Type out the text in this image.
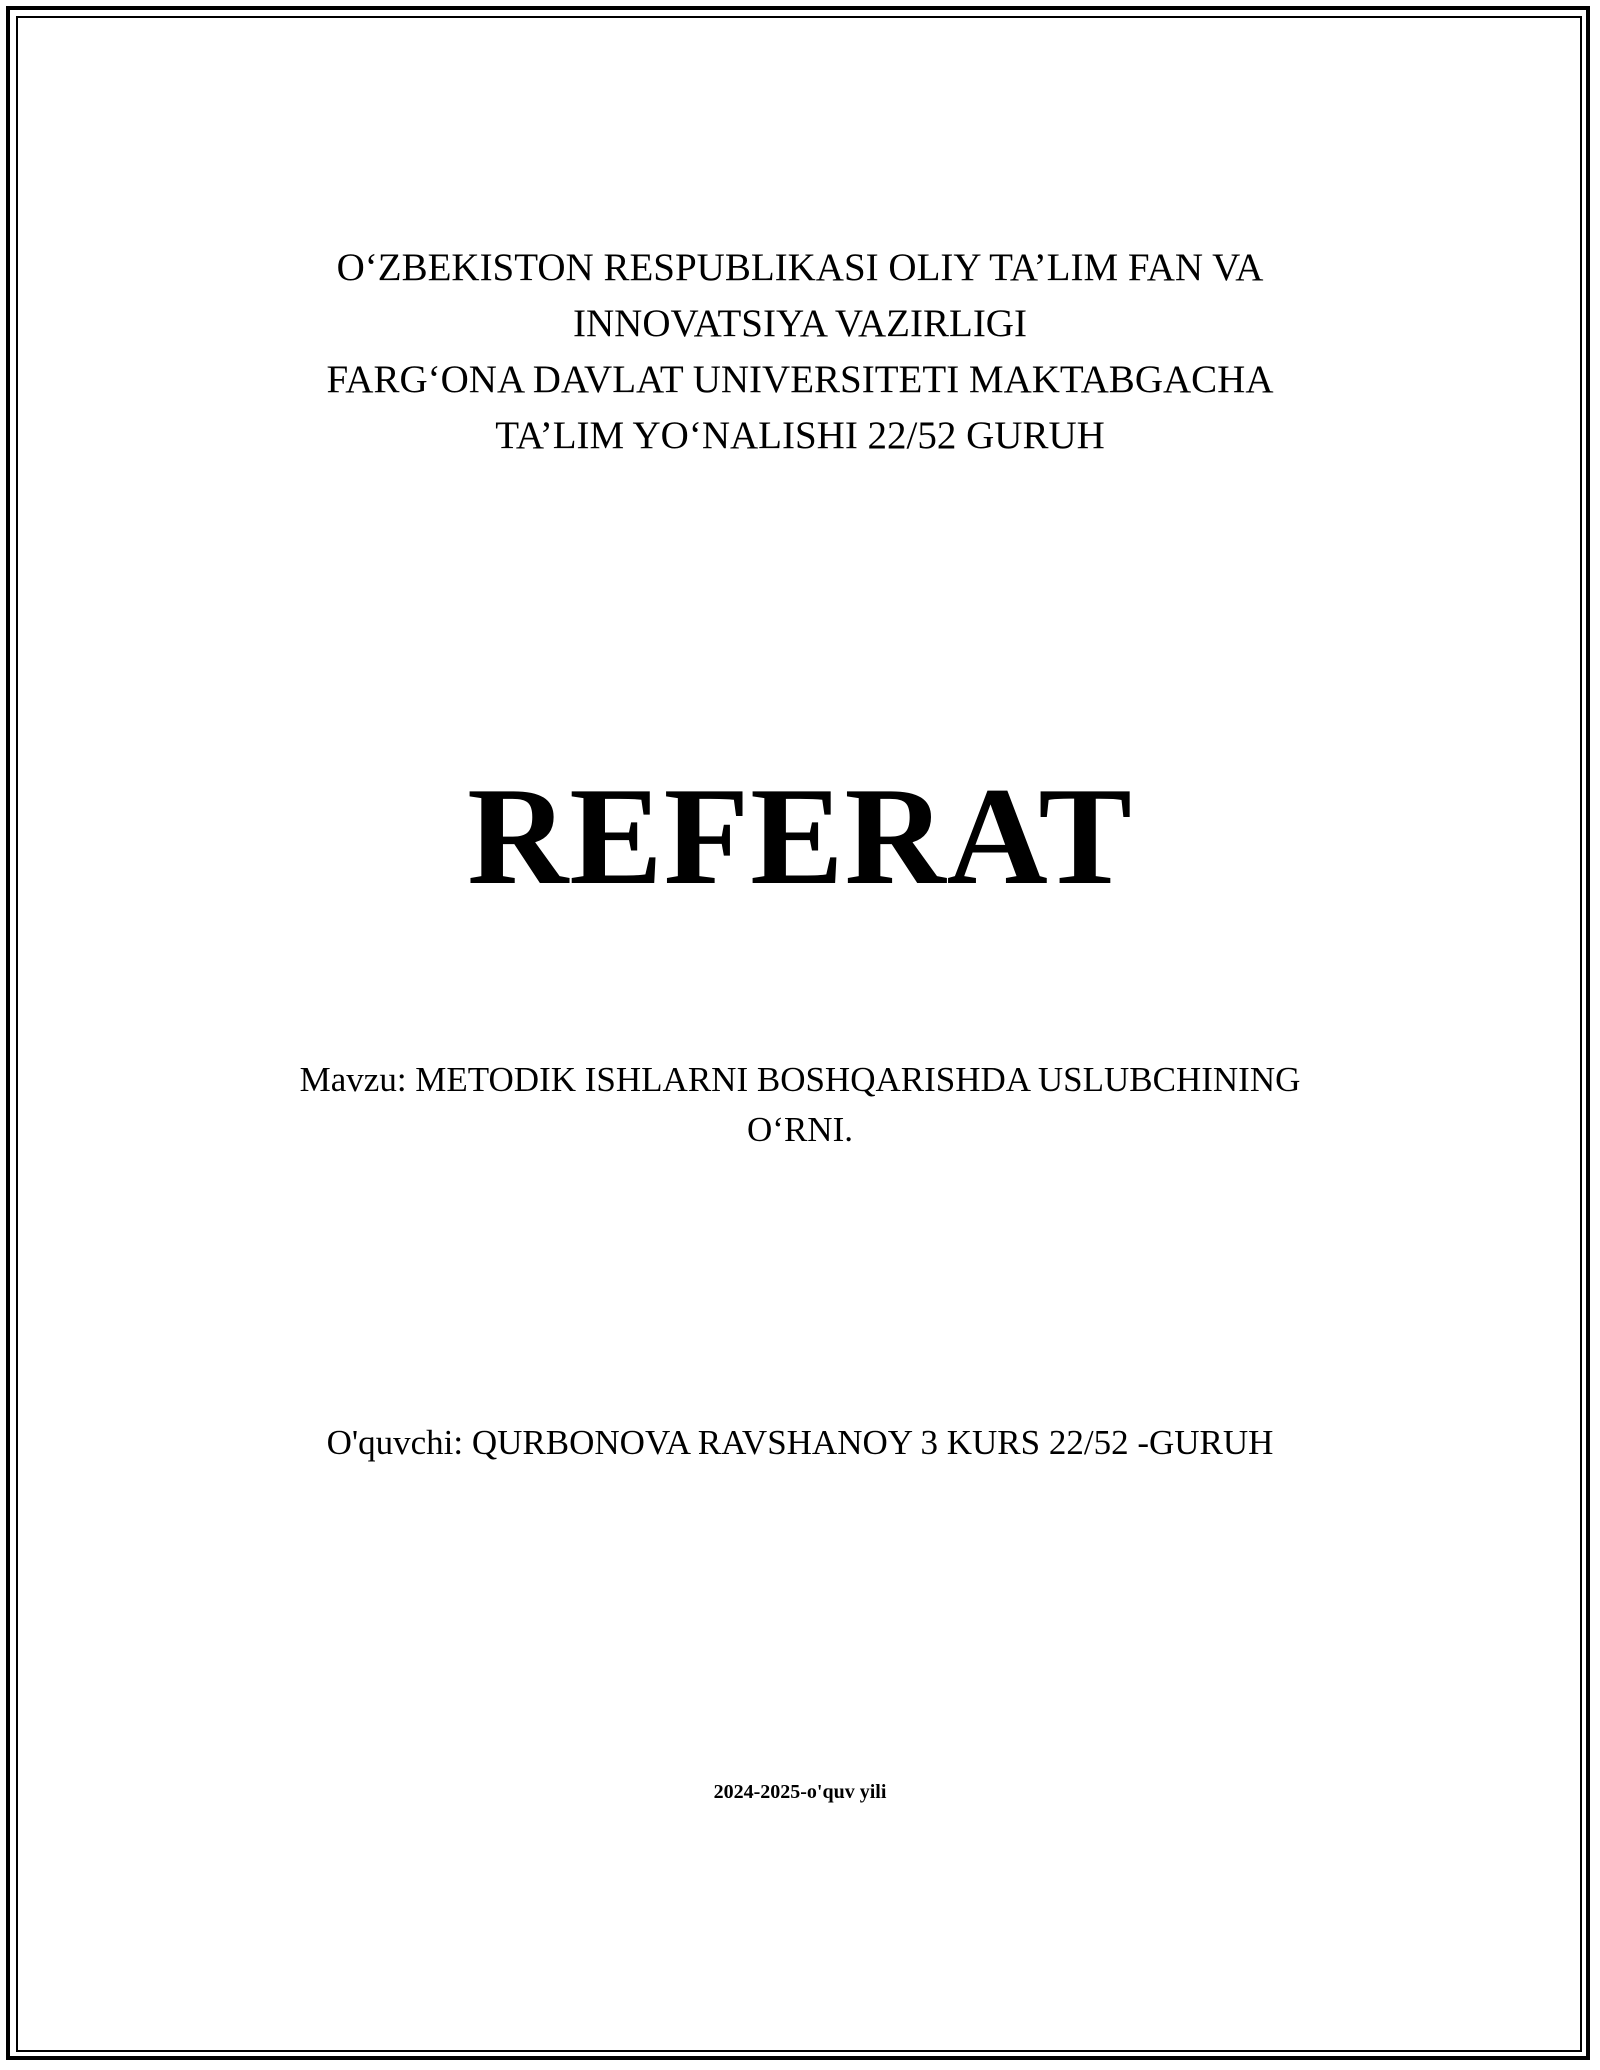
O‘ZBEKISTON RESPUBLIKASI OLIY TA’LIM FAN VA
INNOVATSIYA VAZIRLIGI
FARG‘ONA DAVLAT UNIVERSITETI MAKTABGACHA
TA’LIM YO‘NALISHI 22/52 GURUH
REFERAT
Mavzu: METODIK ISHLARNI BOSHQARISHDA USLUBCHINING
O‘RNI.
O'quvchi: QURBONOVA RAVSHANOY 3 KURS 22/52 -GURUH
2024-2025-o'quv yili
